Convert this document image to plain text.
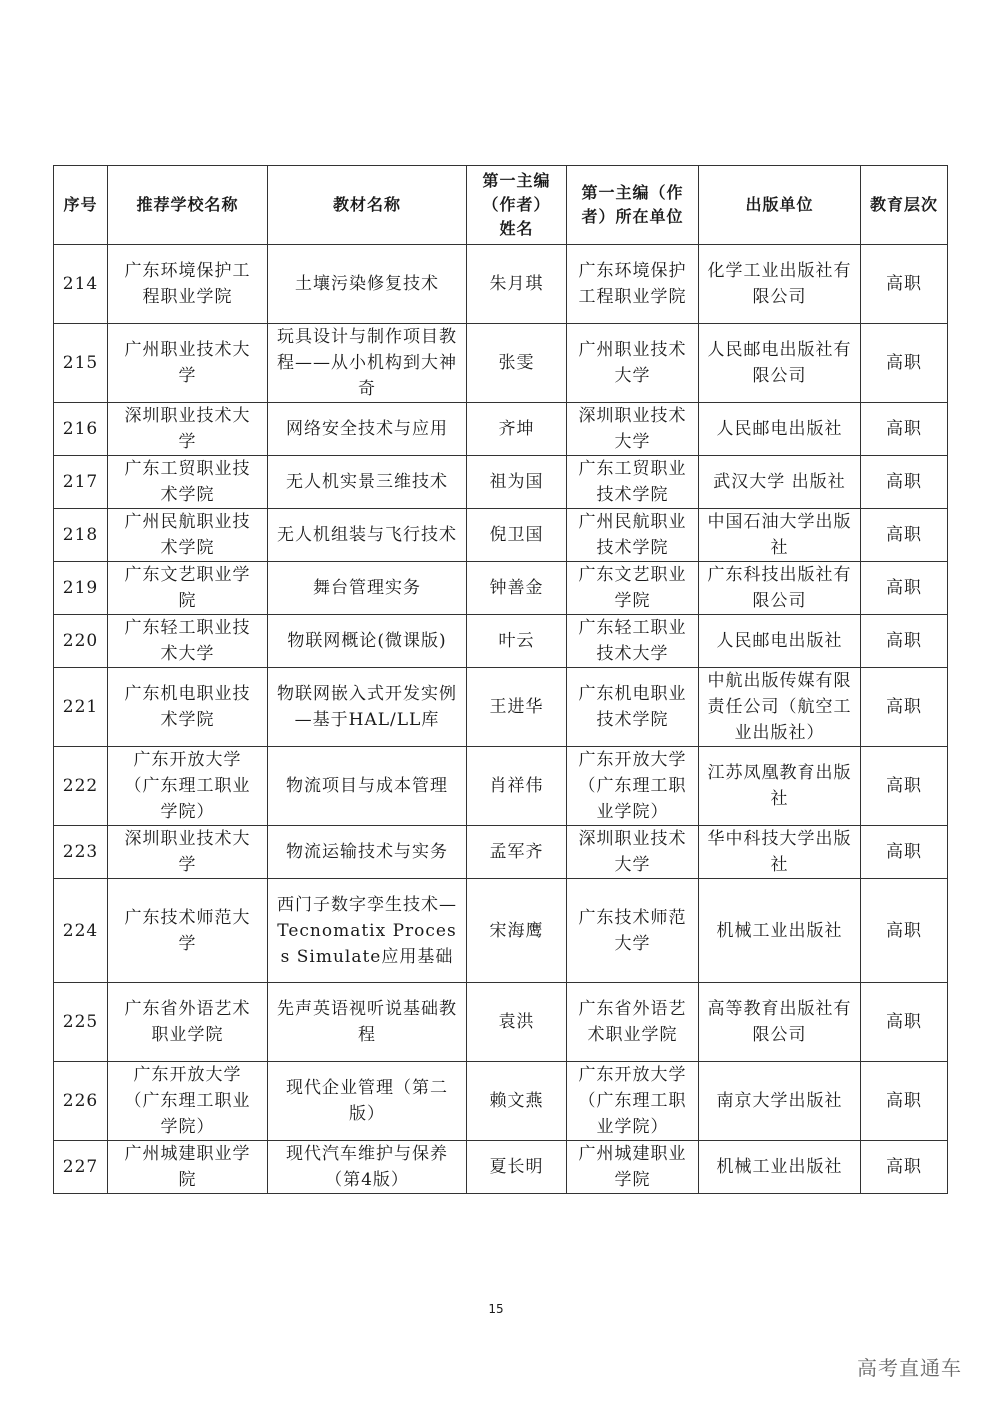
序号	推荐学校名称	教材名称	第一主编（作者）姓名	第一主编（作者）所在单位	出版单位	教育层次
214	广东环境保护工程职业学院	土壤污染修复技术	朱月琪	广东环境保护工程职业学院	化学工业出版社有限公司	高职
215	广州职业技术大学	玩具设计与制作项目教程——从小机构到大神奇	张雯	广州职业技术大学	人民邮电出版社有限公司	高职
216	深圳职业技术大学	网络安全技术与应用	齐坤	深圳职业技术大学	人民邮电出版社	高职
217	广东工贸职业技术学院	无人机实景三维技术	祖为国	广东工贸职业技术学院	武汉大学 出版社	高职
218	广州民航职业技术学院	无人机组装与飞行技术	倪卫国	广州民航职业技术学院	中国石油大学出版社	高职
219	广东文艺职业学院	舞台管理实务	钟善金	广东文艺职业学院	广东科技出版社有限公司	高职
220	广东轻工职业技术大学	物联网概论(微课版)	叶云	广东轻工职业技术大学	人民邮电出版社	高职
221	广东机电职业技术学院	物联网嵌入式开发实例—基于HAL/LL库	王进华	广东机电职业技术学院	中航出版传媒有限责任公司（航空工业出版社）	高职
222	广东开放大学（广东理工职业学院）	物流项目与成本管理	肖祥伟	广东开放大学（广东理工职业学院）	江苏凤凰教育出版社	高职
223	深圳职业技术大学	物流运输技术与实务	孟军齐	深圳职业技术大学	华中科技大学出版社	高职
224	广东技术师范大学	西门子数字孪生技术—Tecnomatix Process Simulate应用基础	宋海鹰	广东技术师范大学	机械工业出版社	高职
225	广东省外语艺术职业学院	先声英语视听说基础教程	袁洪	广东省外语艺术职业学院	高等教育出版社有限公司	高职
226	广东开放大学（广东理工职业学院）	现代企业管理（第二版）	赖文燕	广东开放大学（广东理工职业学院）	南京大学出版社	高职
227	广州城建职业学院	现代汽车维护与保养（第4版）	夏长明	广州城建职业学院	机械工业出版社	高职
15
高考直通车
